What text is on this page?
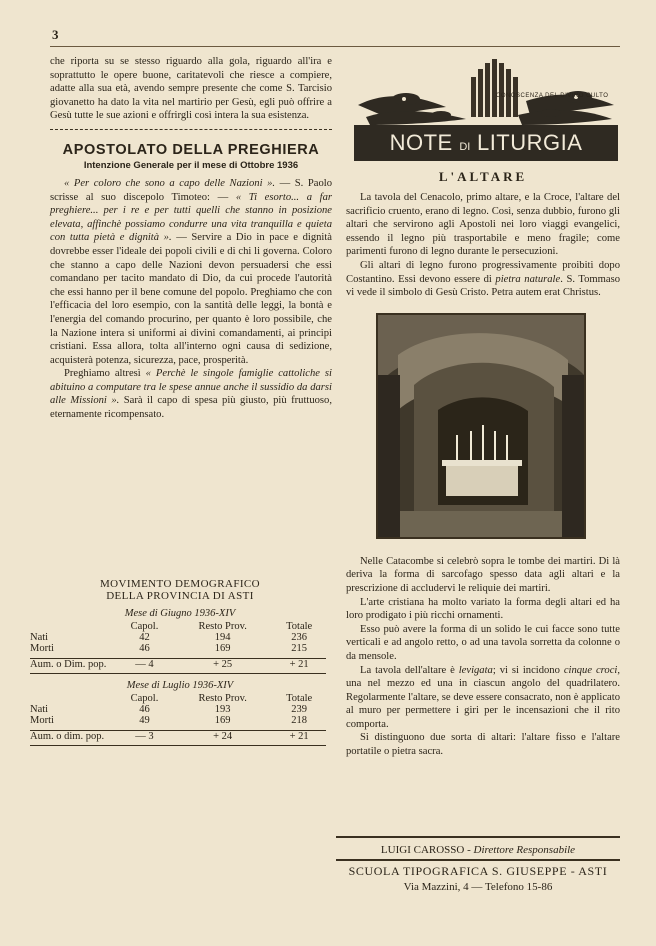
3

che riporta su se stesso riguardo alla gola, riguardo all'ira e soprattutto le opere buone, caritatevoli che riesce a compiere, adatte alla sua età, avendo sempre presente che come S. Tarcisio giovanetto ha dato la vita nel martirio per Gesù, egli può offrire a Gesù tutte le sue azioni e offrirgli così intera la sua esistenza.

APOSTOLATO DELLA PREGHIERA
Intenzione Generale per il mese di Ottobre 1936

« Per coloro che sono a capo delle Nazioni ». — S. Paolo scrisse al suo discepolo Timoteo: — « Ti esorto... a far preghiere... per i re e per tutti quelli che stanno in posizione elevata, affinchè possiamo condurre una vita tranquilla e quieta con tutta pietà e dignità ». — Servire a Dio in pace e dignità dovrebbe esser l'ideale dei popoli civili e di chi li governa. Coloro che stanno a capo delle Nazioni devon persuadersi che essi comandano per tacito mandato di Dio, da cui procede l'autorità che essi hanno per il bene comune del popolo. Preghiamo che con l'efficacia del loro esempio, con la santità delle leggi, la bontà e l'energia del comando procurino, per quanto è loro possibile, che la Nazione intera si uniformi ai divini comandamenti, ai principi cristiani. Essa allora, tolta all'interno ogni causa di sedizione, acquisterà potenza, sicurezza, pace, prosperità.

Preghiamo altresì « Perchè le singole famiglie cattoliche si abituino a computare tra le spese annue anche il sussidio da darsi alle Missioni ». Sarà il capo di spesa più giusto, più fruttuoso, eternamente ricompensato.

MOVIMENTO DEMOGRAFICO
DELLA PROVINCIA DI ASTI
Mese di Giugno 1936-XIV
	Capol.	Resto Prov.	Totale
Nati	42	194	236
Morti	46	169	215

Aum. o Dim. pop.	— 4	+ 25	+ 21

Mese di Luglio 1936-XIV
	Capol.	Resto Prov.	Totale
Nati	46	193	239
Morti	49	169	218

Aum. o dim. pop.	— 3	+ 24	+ 21

CONOSCENZA DEL DIVINO CULTO
NOTE DI LITURGIA
L'ALTARE

La tavola del Cenacolo, primo altare, e la Croce, l'altare del sacrificio cruento, erano di legno. Così, senza dubbio, furono gli altari che servirono agli Apostoli nei loro viaggi evangelici, essendo il legno più trasportabile e meno fragile; come parimenti furono di legno durante le persecuzioni.

Gli altari di legno furono progressivamente proibiti dopo Costantino. Essi devono essere di pietra naturale. S. Tommaso vi vede il simbolo di Gesù Cristo. Petra autem erat Christus.

Nelle Catacombe si celebrò sopra le tombe dei martiri. Di là deriva la forma di sarcofago spesso data agli altari e la prescrizione di accludervi le reliquie dei martiri.

L'arte cristiana ha molto variato la forma degli altari ed ha loro prodigato i più ricchi ornamenti.

Esso può avere la forma di un solido le cui facce sono tutte verticali e ad angolo retto, o ad una tavola sorretta da colonne o da mensole.

La tavola dell'altare è levigata; vi si incidono cinque croci, una nel mezzo ed una in ciascun angolo del quadrilatero. Regolarmente l'altare, se deve essere consacrato, non è applicato al muro per permettere i giri per le incensazioni che il rito comporta.

Si distinguono due sorta di altari: l'altare fisso e l'altare portatile o pietra sacra.

LUIGI CAROSSO - Direttore Responsabile
SCUOLA TIPOGRAFICA S. GIUSEPPE - ASTI
Via Mazzini, 4 — Telefono 15-86
